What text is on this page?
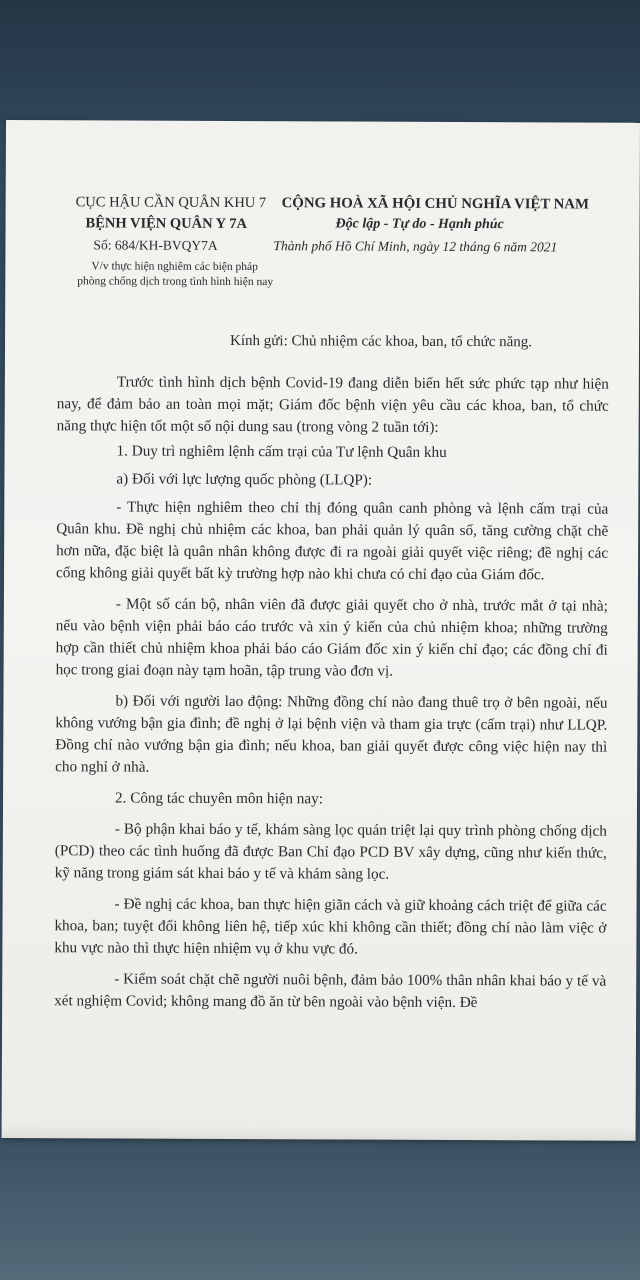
CỤC HẬU CẦN QUÂN KHU 7
BỆNH VIỆN QUÂN Y 7A
Số: 684/KH-BVQY7A
V/v thực hiện nghiêm các biện pháp
phòng chống dịch trong tình hình hiện nay
CỘNG HOÀ XÃ HỘI CHỦ NGHĨA VIỆT NAM
Độc lập - Tự do - Hạnh phúc
Thành phố Hồ Chí Minh, ngày 12 tháng 6 năm 2021
Kính gửi: Chủ nhiệm các khoa, ban, tổ chức năng.

Trước tình hình dịch bệnh Covid-19 đang diễn biến hết sức phức tạp như hiện nay, để đảm bảo an toàn mọi mặt; Giám đốc bệnh viện yêu cầu các khoa, ban, tổ chức năng thực hiện tốt một số nội dung sau (trong vòng 2 tuần tới):

1. Duy trì nghiêm lệnh cấm trại của Tư lệnh Quân khu

a) Đối với lực lượng quốc phòng (LLQP):

- Thực hiện nghiêm theo chỉ thị đóng quân canh phòng và lệnh cấm trại của Quân khu. Đề nghị chủ nhiệm các khoa, ban phải quản lý quân số, tăng cường chặt chẽ hơn nữa, đặc biệt là quân nhân không được đi ra ngoài giải quyết việc riêng; đề nghị các cổng không giải quyết bất kỳ trường hợp nào khi chưa có chỉ đạo của Giám đốc.

- Một số cán bộ, nhân viên đã được giải quyết cho ở nhà, trước mắt ở tại nhà; nếu vào bệnh viện phải báo cáo trước và xin ý kiến của chủ nhiệm khoa; những trường hợp cần thiết chủ nhiệm khoa phải báo cáo Giám đốc xin ý kiến chỉ đạo; các đồng chí đi học trong giai đoạn này tạm hoãn, tập trung vào đơn vị.

b) Đối với người lao động: Những đồng chí nào đang thuê trọ ở bên ngoài, nếu không vướng bận gia đình; đề nghị ở lại bệnh viện và tham gia trực (cấm trại) như LLQP. Đồng chí nào vướng bận gia đình; nếu khoa, ban giải quyết được công việc hiện nay thì cho nghỉ ở nhà.

2. Công tác chuyên môn hiện nay:

- Bộ phận khai báo y tế, khám sàng lọc quán triệt lại quy trình phòng chống dịch (PCD) theo các tình huống đã được Ban Chỉ đạo PCD BV xây dựng, cũng như kiến thức, kỹ năng trong giám sát khai báo y tế và khám sàng lọc.

- Đề nghị các khoa, ban thực hiện giãn cách và giữ khoảng cách triệt để giữa các khoa, ban; tuyệt đối không liên hệ, tiếp xúc khi không cần thiết; đồng chí nào làm việc ở khu vực nào thì thực hiện nhiệm vụ ở khu vực đó.

- Kiểm soát chặt chẽ người nuôi bệnh, đảm bảo 100% thân nhân khai báo y tế và xét nghiệm Covid; không mang đồ ăn từ bên ngoài vào bệnh viện. Đề
